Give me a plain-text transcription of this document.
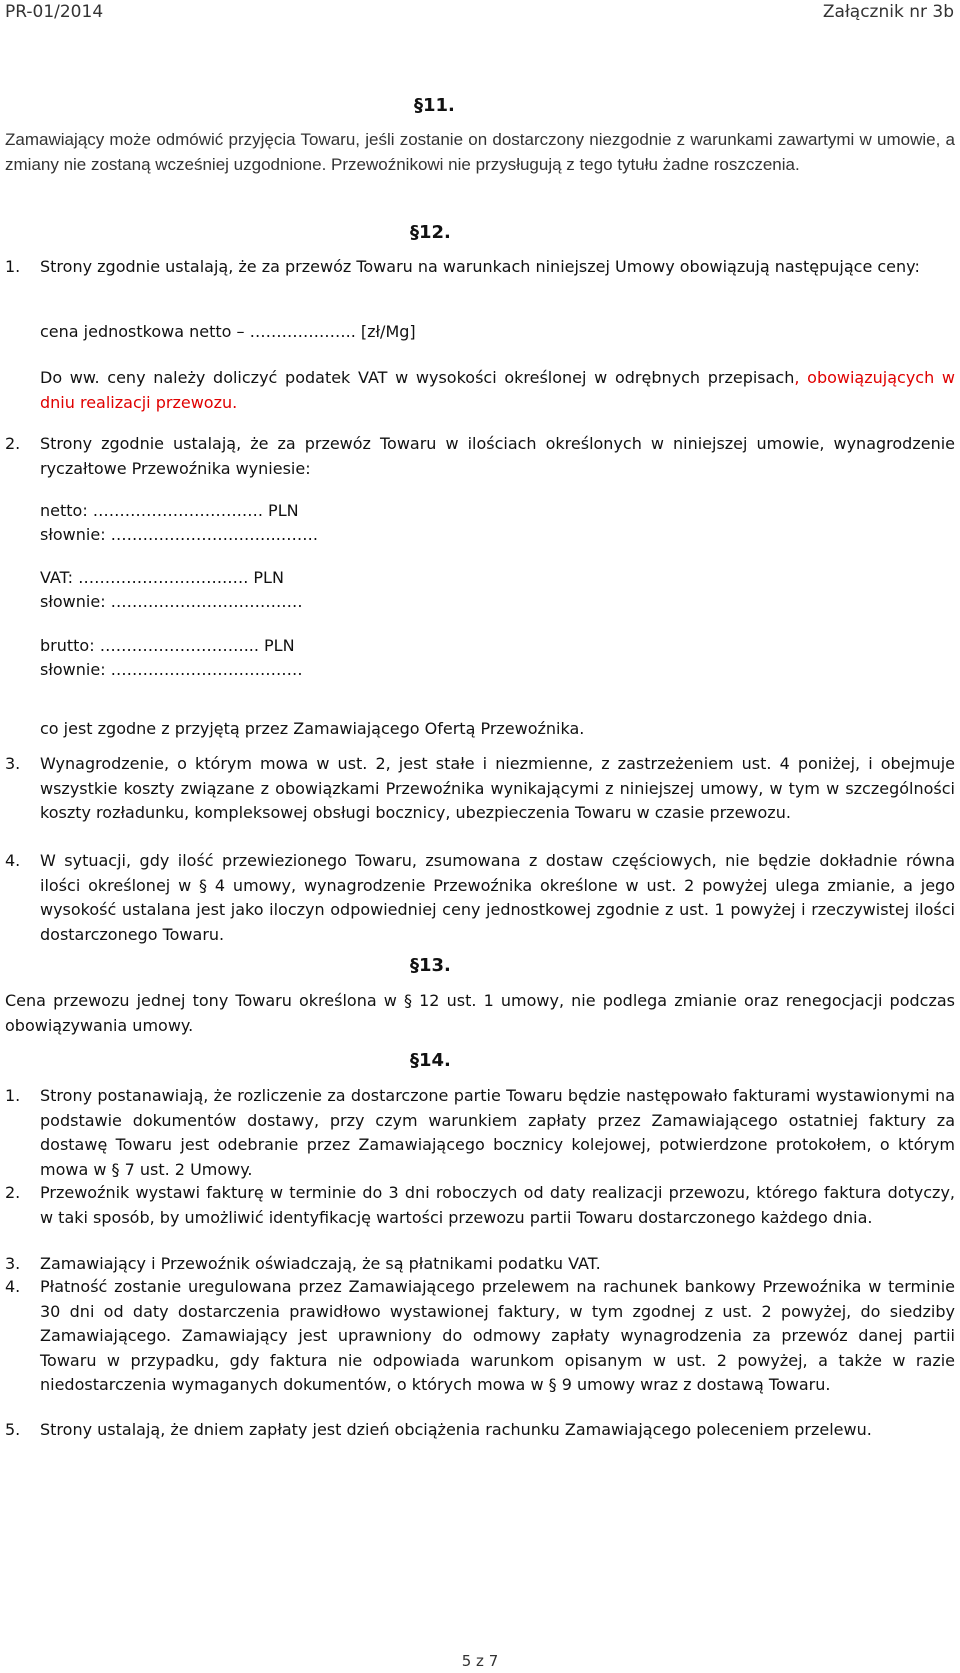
PR-01/2014	Załącznik nr 3b
§11.
Zamawiający może odmówić przyjęcia Towaru, jeśli zostanie on dostarczony niezgodnie z warunkami zawartymi w umowie, a zmiany nie zostaną wcześniej uzgodnione. Przewoźnikowi nie przysługują z tego tytułu żadne roszczenia.
§12.
1. Strony zgodnie ustalają, że za przewóz Towaru na warunkach niniejszej Umowy obowiązują następujące ceny:
cena jednostkowa netto – ……………….. [zł/Mg]
Do ww. ceny należy doliczyć podatek VAT w wysokości określonej w odrębnych przepisach, obowiązujących w dniu realizacji przewozu.
2. Strony zgodnie ustalają, że za przewóz Towaru w ilościach określonych w niniejszej umowie, wynagrodzenie ryczałtowe Przewoźnika wyniesie:
netto: ……………………….…. PLN
słownie: …………………………..…….
VAT: ……………………….…. PLN
słownie: ………………………………
brutto: ………………………... PLN
słownie: ………………………………
co jest zgodne z przyjętą przez Zamawiającego Ofertą Przewoźnika.
3. Wynagrodzenie, o którym mowa w ust. 2, jest stałe i niezmienne, z zastrzeżeniem ust. 4 poniżej, i obejmuje wszystkie koszty związane z obowiązkami Przewoźnika wynikającymi z niniejszej umowy, w tym w szczególności koszty rozładunku, kompleksowej obsługi bocznicy, ubezpieczenia Towaru w czasie przewozu.
4. W sytuacji, gdy ilość przewiezionego Towaru, zsumowana z dostaw częściowych, nie będzie dokładnie równa ilości określonej w § 4 umowy, wynagrodzenie Przewoźnika określone w ust. 2 powyżej ulega zmianie, a jego wysokość ustalana jest jako iloczyn odpowiedniej ceny jednostkowej zgodnie z ust. 1 powyżej i rzeczywistej ilości dostarczonego Towaru.
§13.
Cena przewozu jednej tony Towaru określona w § 12 ust. 1 umowy, nie podlega zmianie oraz renegocjacji podczas obowiązywania umowy.
§14.
1. Strony postanawiają, że rozliczenie za dostarczone partie Towaru będzie następowało fakturami wystawionymi na podstawie dokumentów dostawy, przy czym warunkiem zapłaty przez Zamawiającego ostatniej faktury za dostawę Towaru jest odebranie przez Zamawiającego bocznicy kolejowej, potwierdzone protokołem, o którym mowa w § 7 ust. 2 Umowy.
2. Przewoźnik wystawi fakturę w terminie do 3 dni roboczych od daty realizacji przewozu, którego faktura dotyczy, w taki sposób, by umożliwić identyfikację wartości przewozu partii Towaru dostarczonego każdego dnia.
3. Zamawiający i Przewoźnik oświadczają, że są płatnikami podatku VAT.
4. Płatność zostanie uregulowana przez Zamawiającego przelewem na rachunek bankowy Przewoźnika w terminie 30 dni od daty dostarczenia prawidłowo wystawionej faktury, w tym zgodnej z ust. 2 powyżej, do siedziby Zamawiającego. Zamawiający jest uprawniony do odmowy zapłaty wynagrodzenia za przewóz danej partii Towaru w przypadku, gdy faktura nie odpowiada warunkom opisanym w ust. 2 powyżej, a także w razie niedostarczenia wymaganych dokumentów, o których mowa w § 9 umowy wraz z dostawą Towaru.
5. Strony ustalają, że dniem zapłaty jest dzień obciążenia rachunku Zamawiającego poleceniem przelewu.
5 z 7
